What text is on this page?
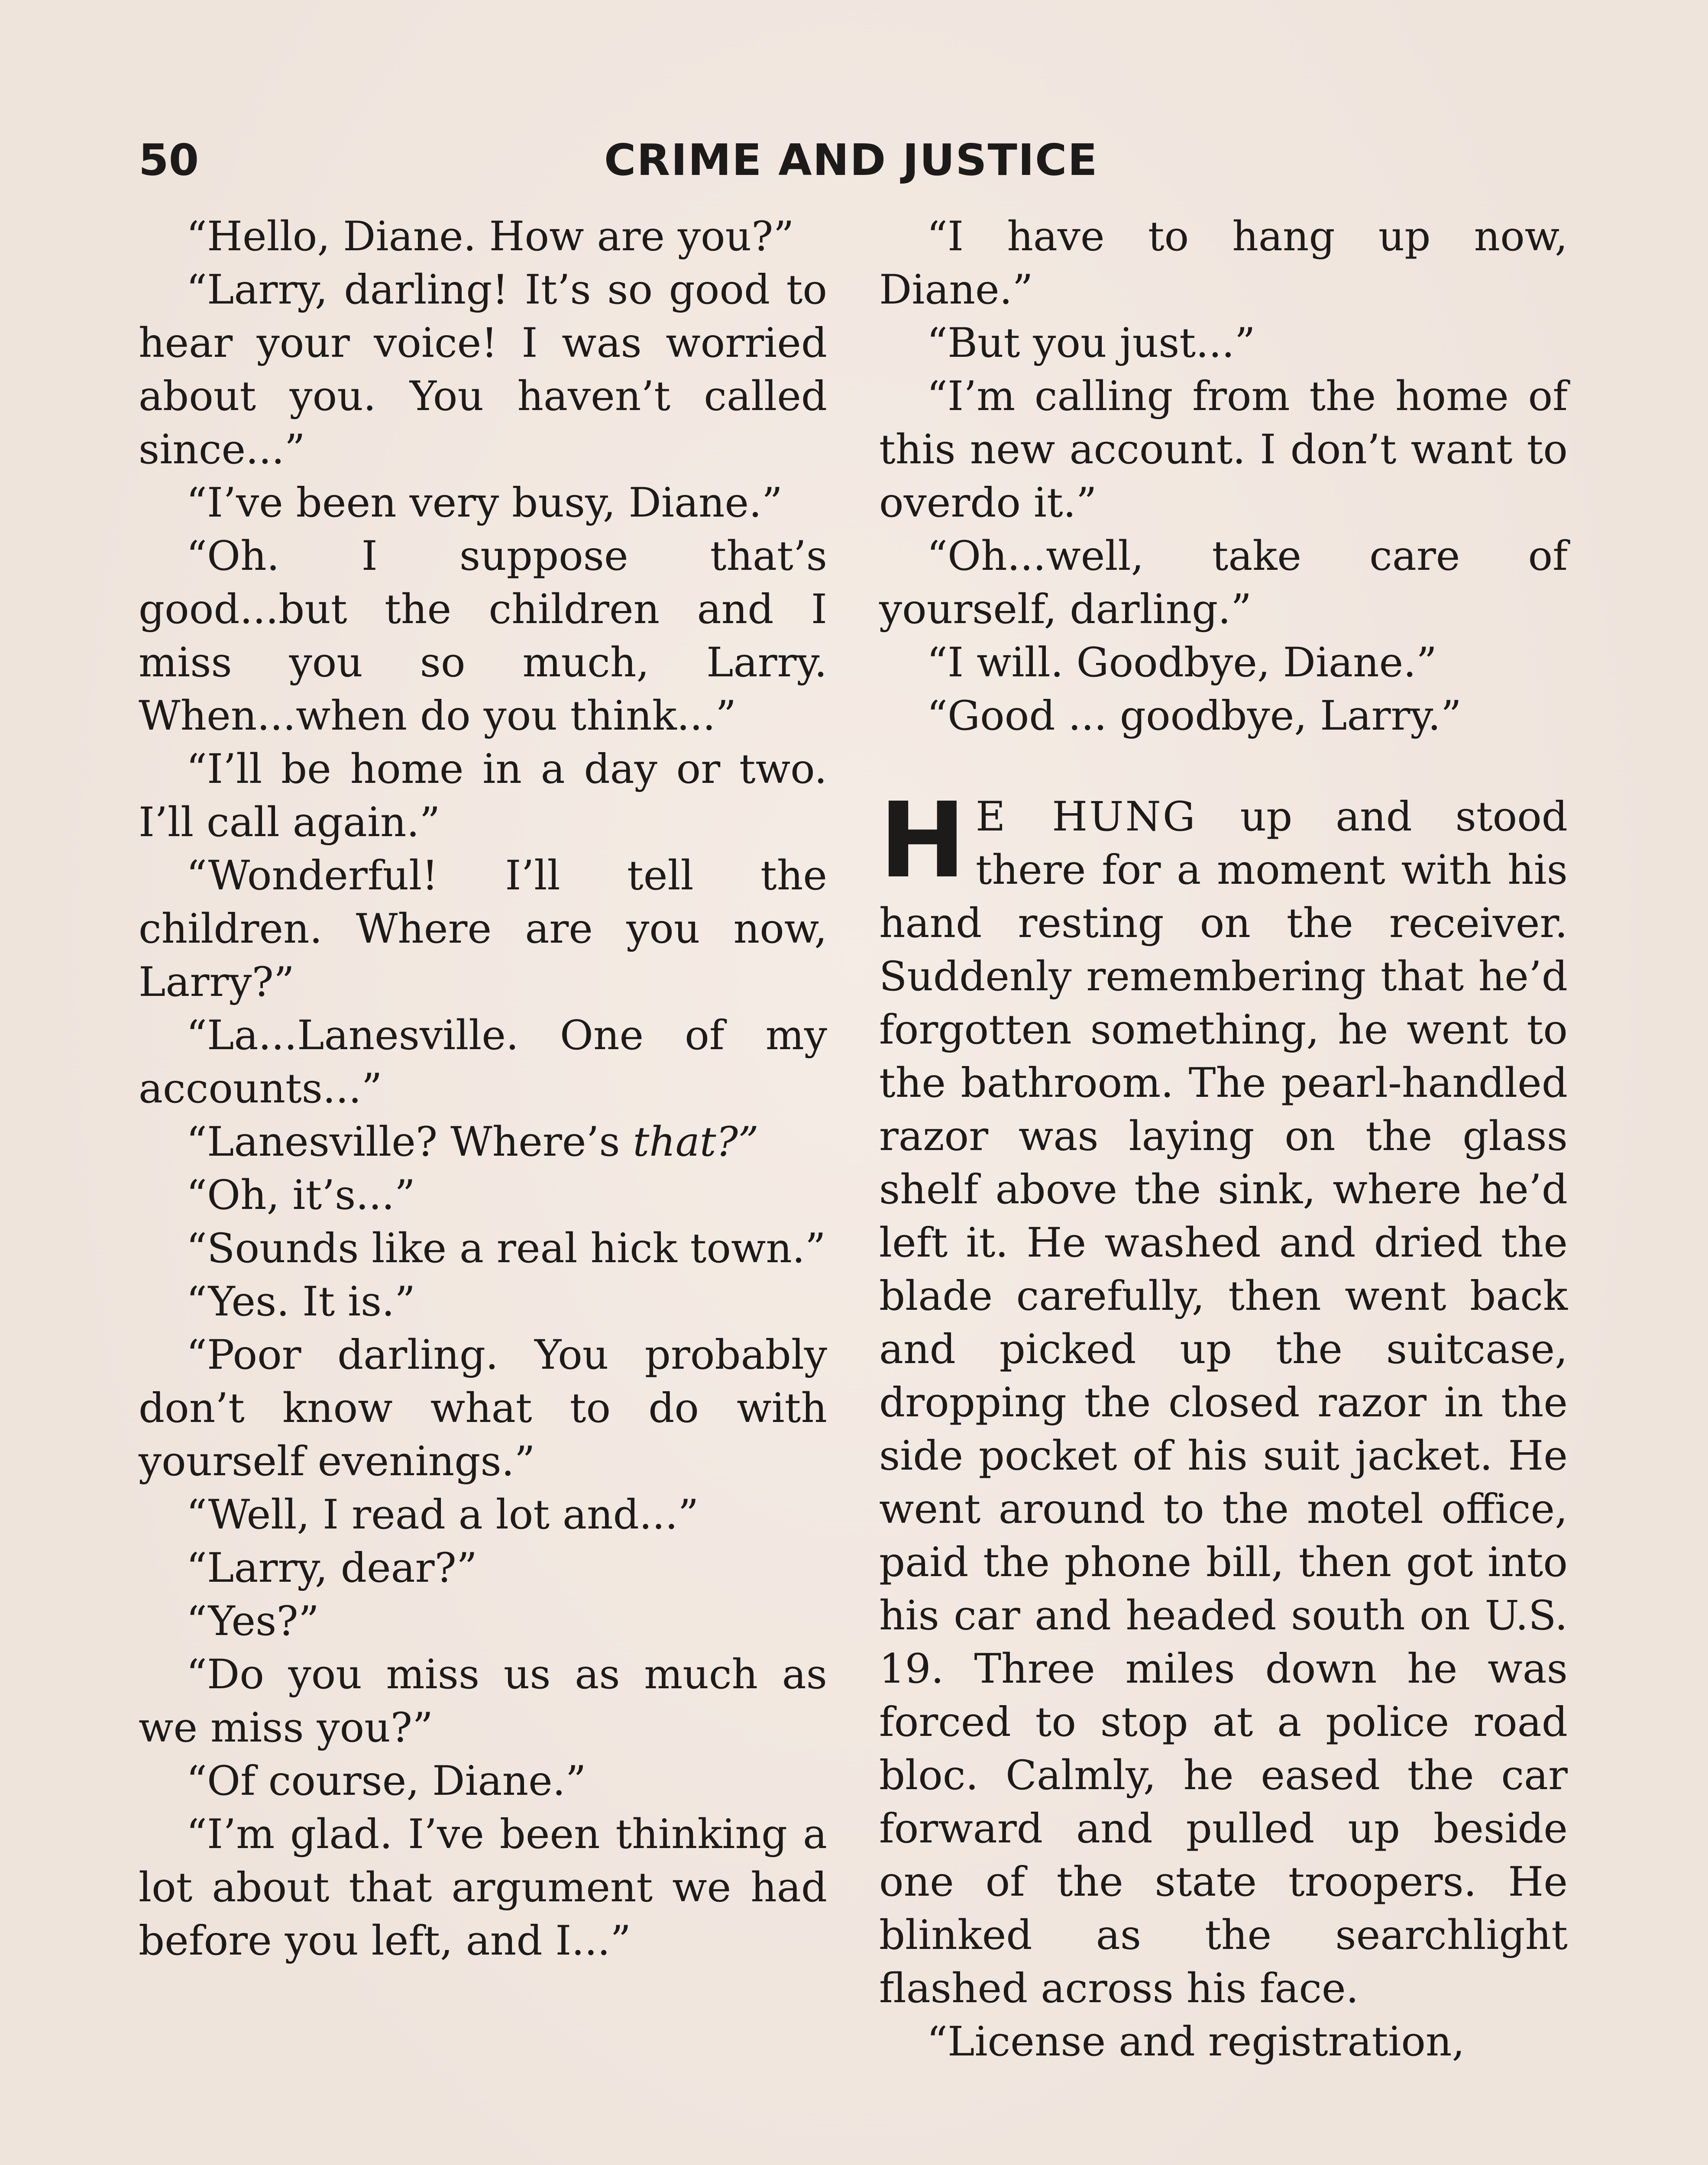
50	CRIME AND JUSTICE

“Hello, Diane. How are you?”

“Larry, darling! It’s so good to hear your voice! I was worried about you. You haven’t called since...”

“I’ve been very busy, Diane.”

“Oh. I suppose that’s good...but the children and I miss you so much, Larry. When...when do you think...”

“I’ll be home in a day or two. I’ll call again.”

“Wonderful! I’ll tell the children. Where are you now, Larry?”

“La...Lanesville. One of my accounts...”

“Lanesville? Where’s that?”

“Oh, it’s...”

“Sounds like a real hick town.”

“Yes. It is.”

“Poor darling. You probably don’t know what to do with yourself evenings.”

“Well, I read a lot and...”

“Larry, dear?”

“Yes?”

“Do you miss us as much as we miss you?”

“Of course, Diane.”

“I’m glad. I’ve been thinking a lot about that argument we had before you left, and I...”

“I have to hang up now, Diane.”

“But you just...”

“I’m calling from the home of this new account. I don’t want to overdo it.”

“Oh...well, take care of yourself, darling.”

“I will. Goodbye, Diane.”

“Good ... goodbye, Larry.”

H E HUNG up and stood there for a moment with his hand resting on the receiver. Suddenly remembering that he’d forgotten something, he went to the bathroom. The pearl-handled razor was laying on the glass shelf above the sink, where he’d left it. He washed and dried the blade carefully, then went back and picked up the suitcase, dropping the closed razor in the side pocket of his suit jacket. He went around to the motel office, paid the phone bill, then got into his car and headed south on U.S. 19. Three miles down he was forced to stop at a police road bloc. Calmly, he eased the car forward and pulled up beside one of the state troopers. He blinked as the searchlight flashed across his face.

“License and registration,
